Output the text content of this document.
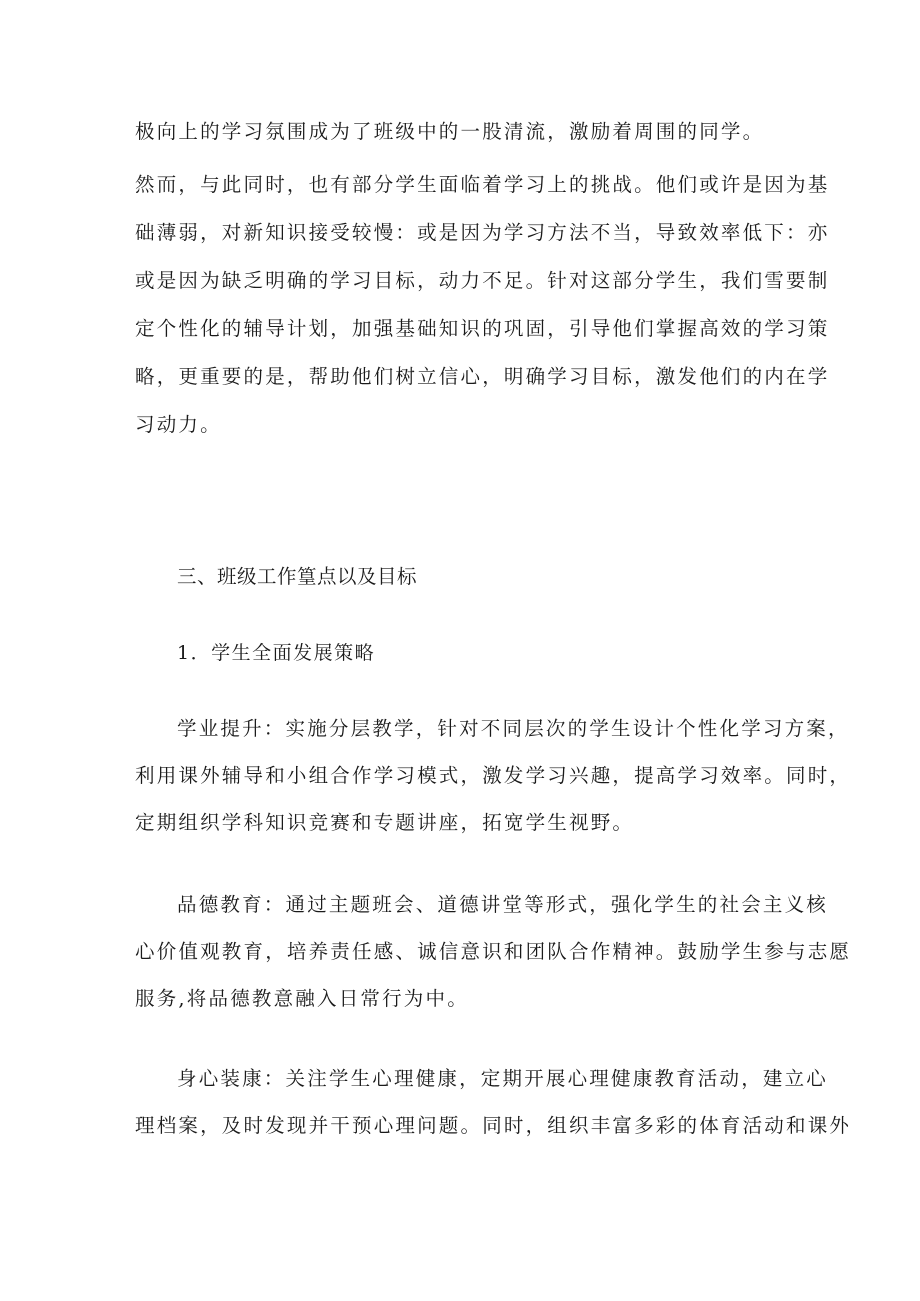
极向上的学习氛围成为了班级中的一股清流，激励着周围的同学。
然而，与此同时，也有部分学生面临着学习上的挑战。他们或许是因为基
础薄弱，对新知识接受较慢：或是因为学习方法不当，导致效率低下：亦
或是因为缺乏明确的学习目标，动力不足。针对这部分学生，我们雪要制
定个性化的辅导计划，加强基础知识的巩固，引导他们掌握高效的学习策
略，更重要的是，帮助他们树立信心，明确学习目标，激发他们的内在学
习动力。
三、班级工作篁点以及目标
1．学生全面发展策略
学业提升：实施分层教学，针对不同层次的学生设计个性化学习方案，
利用课外辅导和小组合作学习模式，激发学习兴趣，提高学习效率。同时，
定期组织学科知识竞赛和专题讲座，拓宽学生视野。
品德教育：通过主题班会、道德讲堂等形式，强化学生的社会主义核
心价值观教育，培养责任感、诚信意识和团队合作精神。鼓励学生参与志愿
服务,将品德教意融入日常行为中。
身心装康：关注学生心理健康，定期开展心理健康教育活动，建立心
理档案，及时发现并干预心理问题。同时，组织丰富多彩的体育活动和课外
